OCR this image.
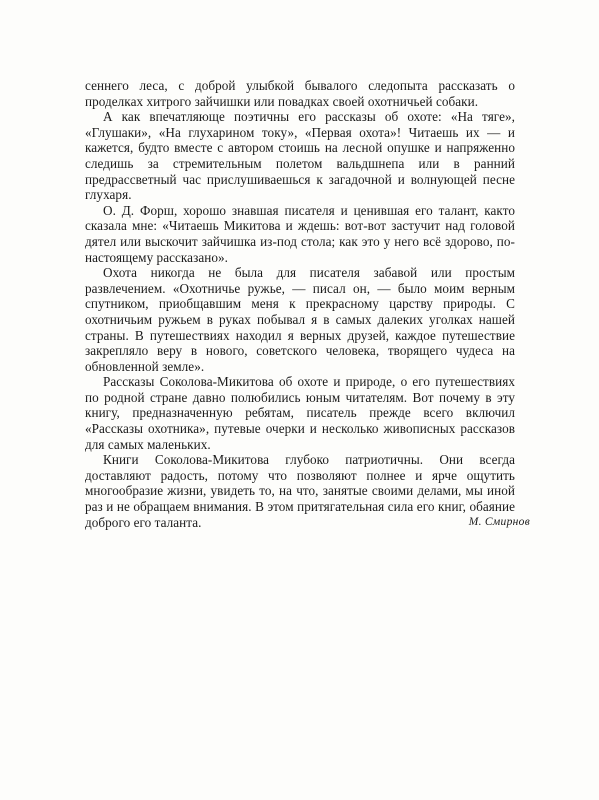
сеннего леса, с доброй улыбкой бывалого следопыта рассказать о проделках хитрого зайчишки или повадках своей охотничьей собаки.

А как впечатляюще поэтичны его рассказы об охоте: «На тяге», «Глушаки», «На глухарином току», «Первая охота»! Читаешь их — и кажется, будто вместе с автором стоишь на лесной опушке и напряженно следишь за стремительным полетом вальдшнепа или в ранний предрассветный час прислушиваешься к загадочной и волнующей песне глухаря.

О. Д. Форш, хорошо знавшая писателя и ценившая его талант, както сказала мне: «Читаешь Микитова и ждешь: вот-вот застучит над головой дятел или выскочит зайчишка из-под стола; как это у него всё здорово, по-настоящему рассказано».

Охота никогда не была для писателя забавой или простым развлечением. «Охотничье ружье, — писал он, — было моим верным спутником, приобщавшим меня к прекрасному царству природы. С охотничьим ружьем в руках побывал я в самых далеких уголках нашей страны. В путешествиях находил я верных друзей, каждое путешествие закрепляло веру в нового, советского человека, творящего чудеса на обновленной земле».

Рассказы Соколова-Микитова об охоте и природе, о его путешествиях по родной стране давно полюбились юным читателям. Вот почему в эту книгу, предназначенную ребятам, писатель прежде всего включил «Рассказы охотника», путевые очерки и несколько живописных рассказов для самых маленьких.

Книги Соколова-Микитова глубоко патриотичны. Они всегда доставляют радость, потому что позволяют полнее и ярче ощутить многообразие жизни, увидеть то, на что, занятые своими делами, мы иной раз и не обращаем внимания. В этом притягательная сила его книг, обаяние доброго его таланта.	М. Смирнов
